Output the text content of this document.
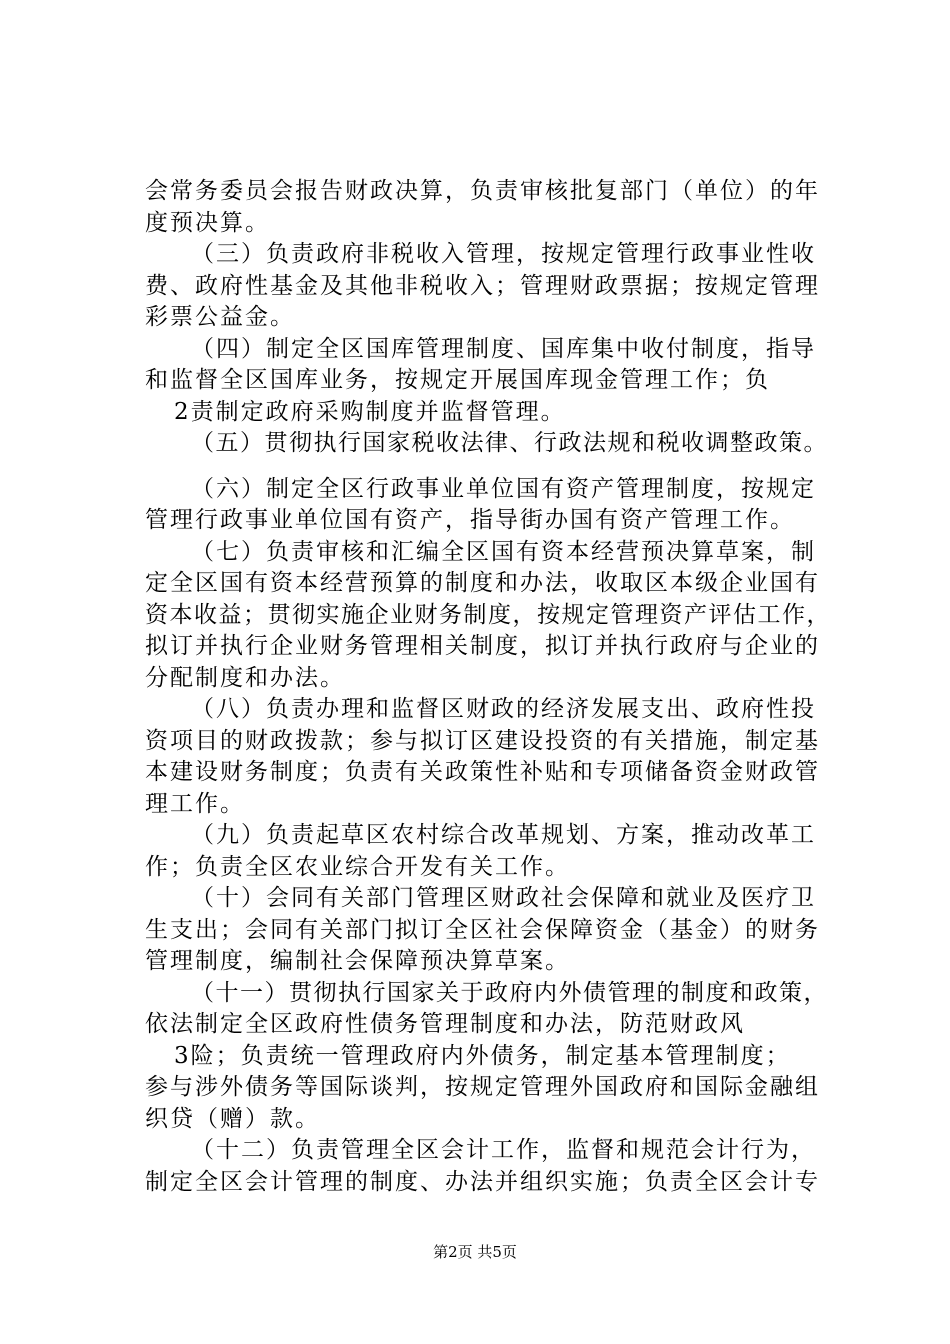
会常务委员会报告财政决算，负责审核批复部门（单位）的年
度预决算。
（三）负责政府非税收入管理，按规定管理行政事业性收
费、政府性基金及其他非税收入；管理财政票据；按规定管理
彩票公益金。
（四）制定全区国库管理制度、国库集中收付制度，指导
和监督全区国库业务，按规定开展国库现金管理工作；负
2责制定政府采购制度并监督管理。
（五）贯彻执行国家税收法律、行政法规和税收调整政策。
（六）制定全区行政事业单位国有资产管理制度，按规定
管理行政事业单位国有资产，指导街办国有资产管理工作。
（七）负责审核和汇编全区国有资本经营预决算草案，制
定全区国有资本经营预算的制度和办法，收取区本级企业国有
资本收益；贯彻实施企业财务制度，按规定管理资产评估工作，
拟订并执行企业财务管理相关制度，拟订并执行政府与企业的
分配制度和办法。
（八）负责办理和监督区财政的经济发展支出、政府性投
资项目的财政拨款；参与拟订区建设投资的有关措施，制定基
本建设财务制度；负责有关政策性补贴和专项储备资金财政管
理工作。
（九）负责起草区农村综合改革规划、方案，推动改革工
作；负责全区农业综合开发有关工作。
（十）会同有关部门管理区财政社会保障和就业及医疗卫
生支出；会同有关部门拟订全区社会保障资金（基金）的财务
管理制度，编制社会保障预决算草案。
（十一）贯彻执行国家关于政府内外债管理的制度和政策，
依法制定全区政府性债务管理制度和办法，防范财政风
3险；负责统一管理政府内外债务，制定基本管理制度；
参与涉外债务等国际谈判，按规定管理外国政府和国际金融组
织贷（赠）款。
（十二）负责管理全区会计工作，监督和规范会计行为，
制定全区会计管理的制度、办法并组织实施；负责全区会计专
第2页 共5页
